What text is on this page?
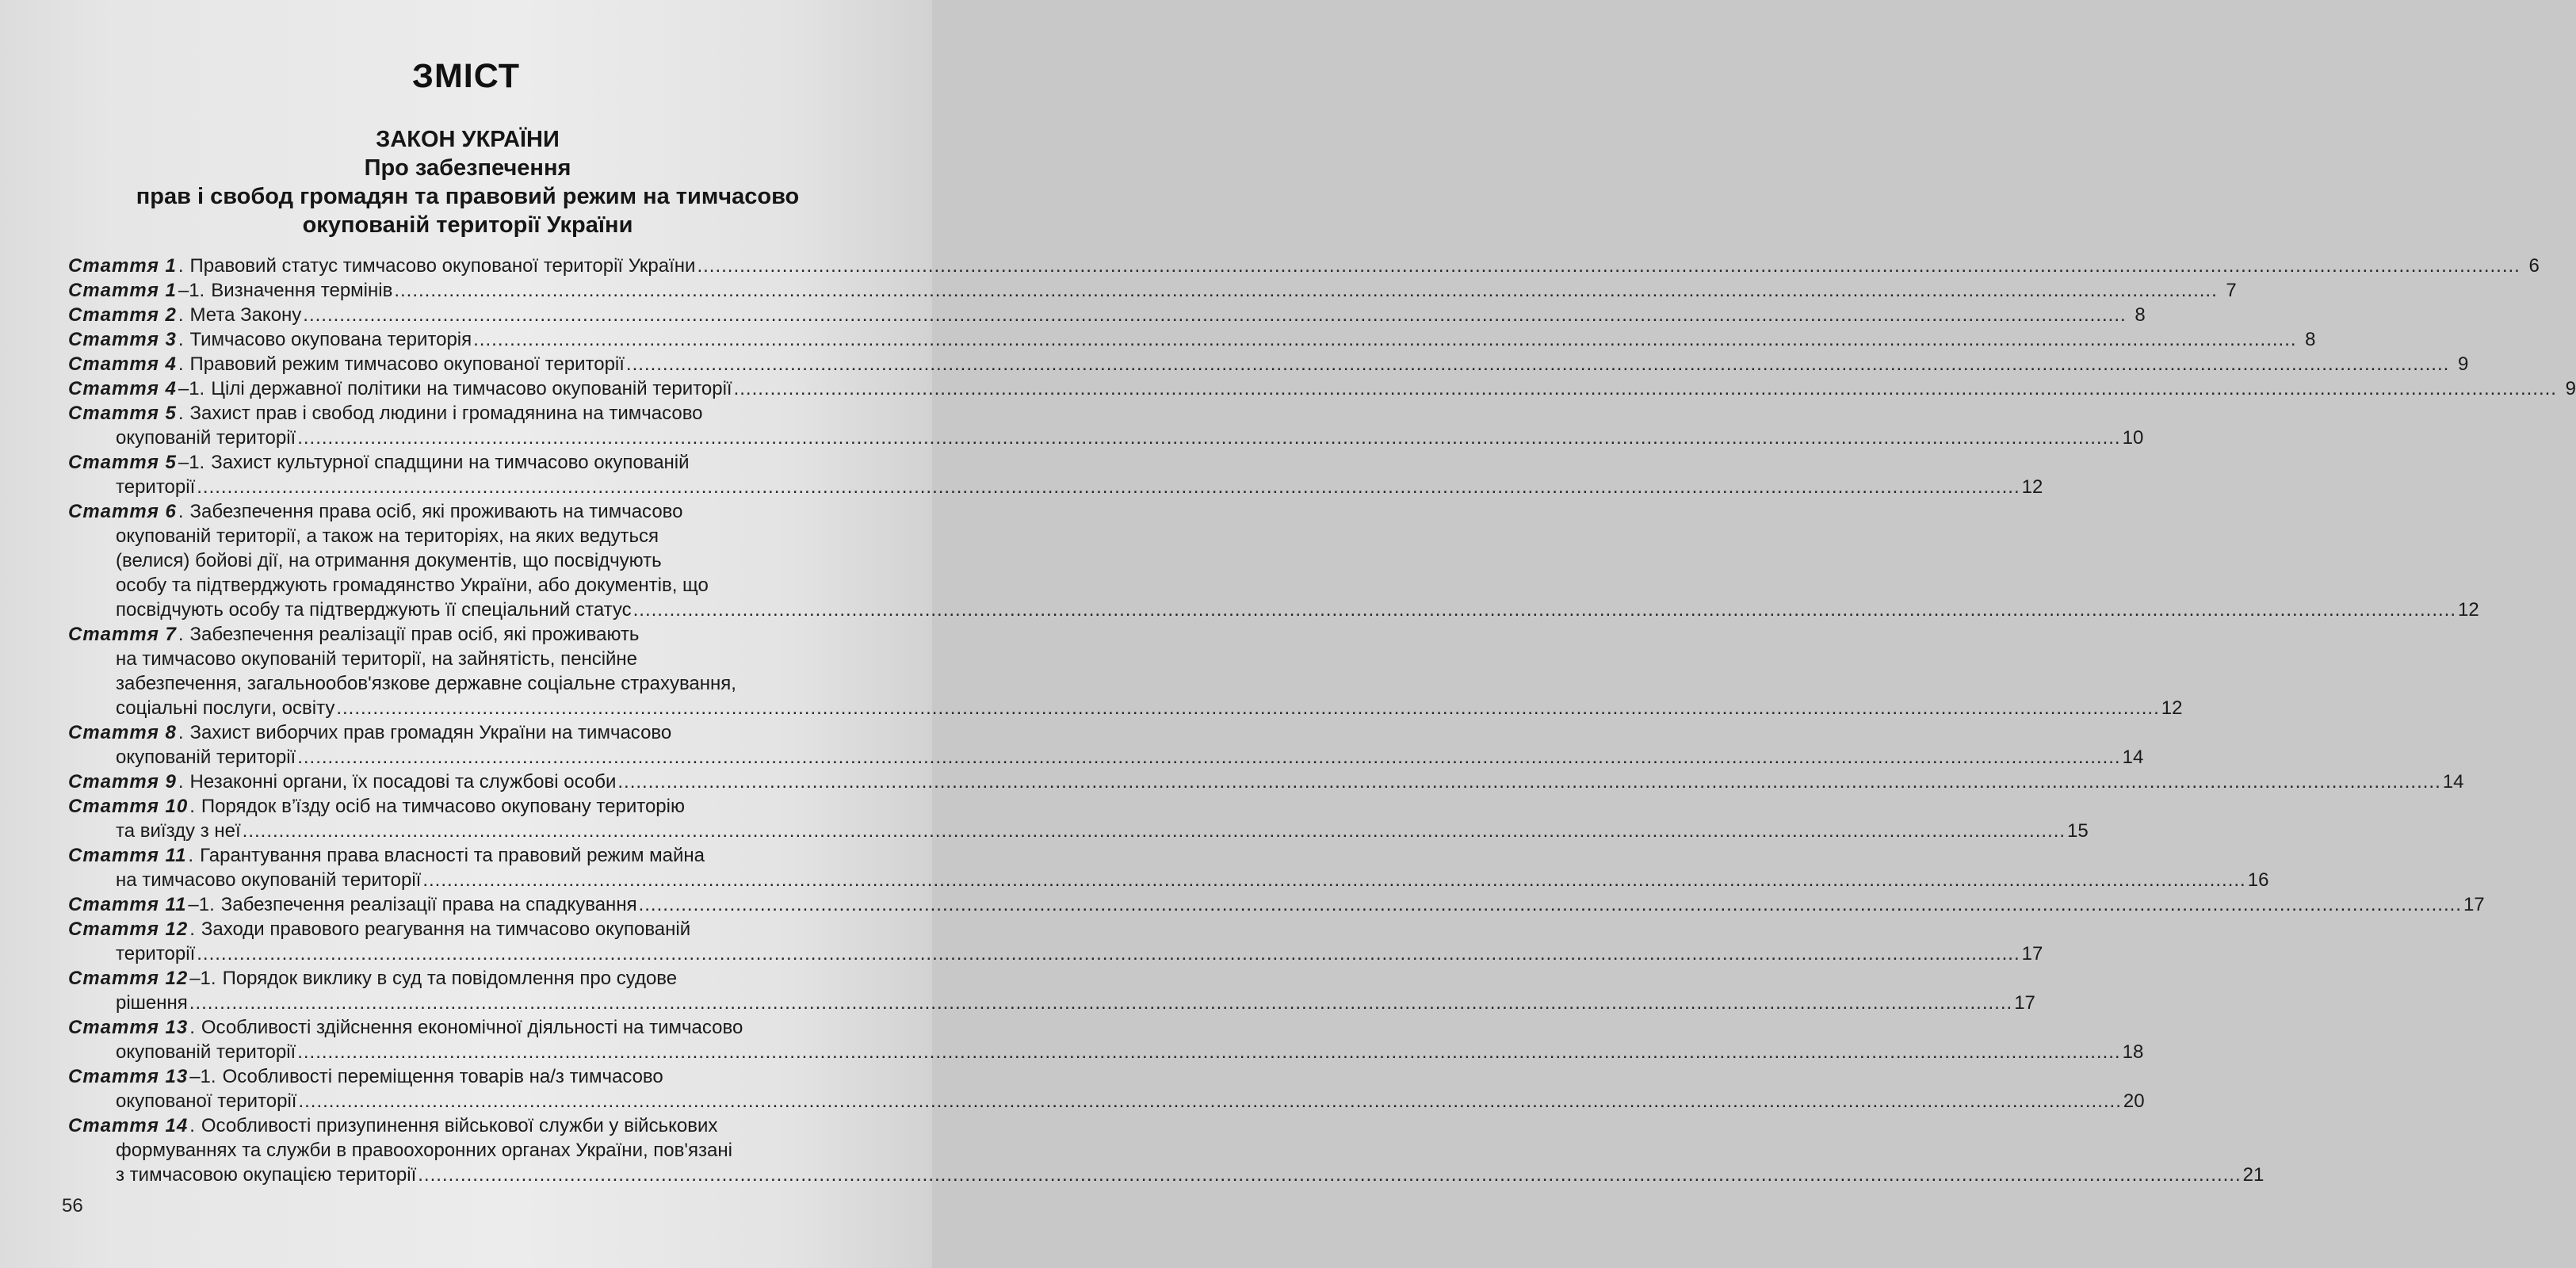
ЗМІСТ
ЗАКОН УКРАЇНИ
Про забезпечення
прав і свобод громадян та правовий режим на тимчасово
окупованій території України
Стаття 1 . Правовий статус тимчасово окупованої території України ............................................................................................................................................................................................................................................................................................................ 6
Стаття 1 –1. Визначення термінів ............................................................................................................................................................................................................................................................................................................ 7
Стаття 2 . Мета Закону ............................................................................................................................................................................................................................................................................................................ 8
Стаття 3 . Тимчасово окупована територія ............................................................................................................................................................................................................................................................................................................ 8
Стаття 4 . Правовий режим тимчасово окупованої території ............................................................................................................................................................................................................................................................................................................ 9
Стаття 4 –1. Цілі державної політики на тимчасово окупованій території ............................................................................................................................................................................................................................................................................................................ 9
Стаття 5 . Захист прав і свобод людини і громадянина на тимчасово
окупованій території ............................................................................................................................................................................................................................................................................................................ 10
Стаття 5 –1. Захист культурної спадщини на тимчасово окупованій
території ............................................................................................................................................................................................................................................................................................................ 12
Стаття 6 . Забезпечення права осіб, які проживають на тимчасово
окупованій території, а також на територіях, на яких ведуться
(велися) бойові дії, на отримання документів, що посвідчують
особу та підтверджують громадянство України, або документів, що
посвідчують особу та підтверджують її спеціальний статус ............................................................................................................................................................................................................................................................................................................ 12
Стаття 7 . Забезпечення реалізації прав осіб, які проживають
на тимчасово окупованій території, на зайнятість, пенсійне
забезпечення, загальнообов'язкове державне соціальне страхування,
соціальні послуги, освіту ............................................................................................................................................................................................................................................................................................................ 12
Стаття 8 . Захист виборчих прав громадян України на тимчасово
окупованій території ............................................................................................................................................................................................................................................................................................................ 14
Стаття 9 . Незаконні органи, їх посадові та службові особи ............................................................................................................................................................................................................................................................................................................ 14
Стаття 10 . Порядок в’їзду осіб на тимчасово окуповану територію
та виїзду з неї ............................................................................................................................................................................................................................................................................................................ 15
Стаття 11 . Гарантування права власності та правовий режим майна
на тимчасово окупованій території ............................................................................................................................................................................................................................................................................................................ 16
Стаття 11 –1. Забезпечення реалізації права на спадкування ............................................................................................................................................................................................................................................................................................................ 17
Стаття 12 . Заходи правового реагування на тимчасово окупованій
території ............................................................................................................................................................................................................................................................................................................ 17
Стаття 12 –1. Порядок виклику в суд та повідомлення про судове
рішення ............................................................................................................................................................................................................................................................................................................ 17
Стаття 13 . Особливості здійснення економічної діяльності на тимчасово
окупованій території ............................................................................................................................................................................................................................................................................................................ 18
Стаття 13 –1. Особливості переміщення товарів на/з тимчасово
окупованої території ............................................................................................................................................................................................................................................................................................................ 20
Стаття 14 . Особливості призупинення військової служби у військових
формуваннях та служби в правоохоронних органах України, пов'язані
з тимчасовою окупацією території ............................................................................................................................................................................................................................................................................................................ 21
56
